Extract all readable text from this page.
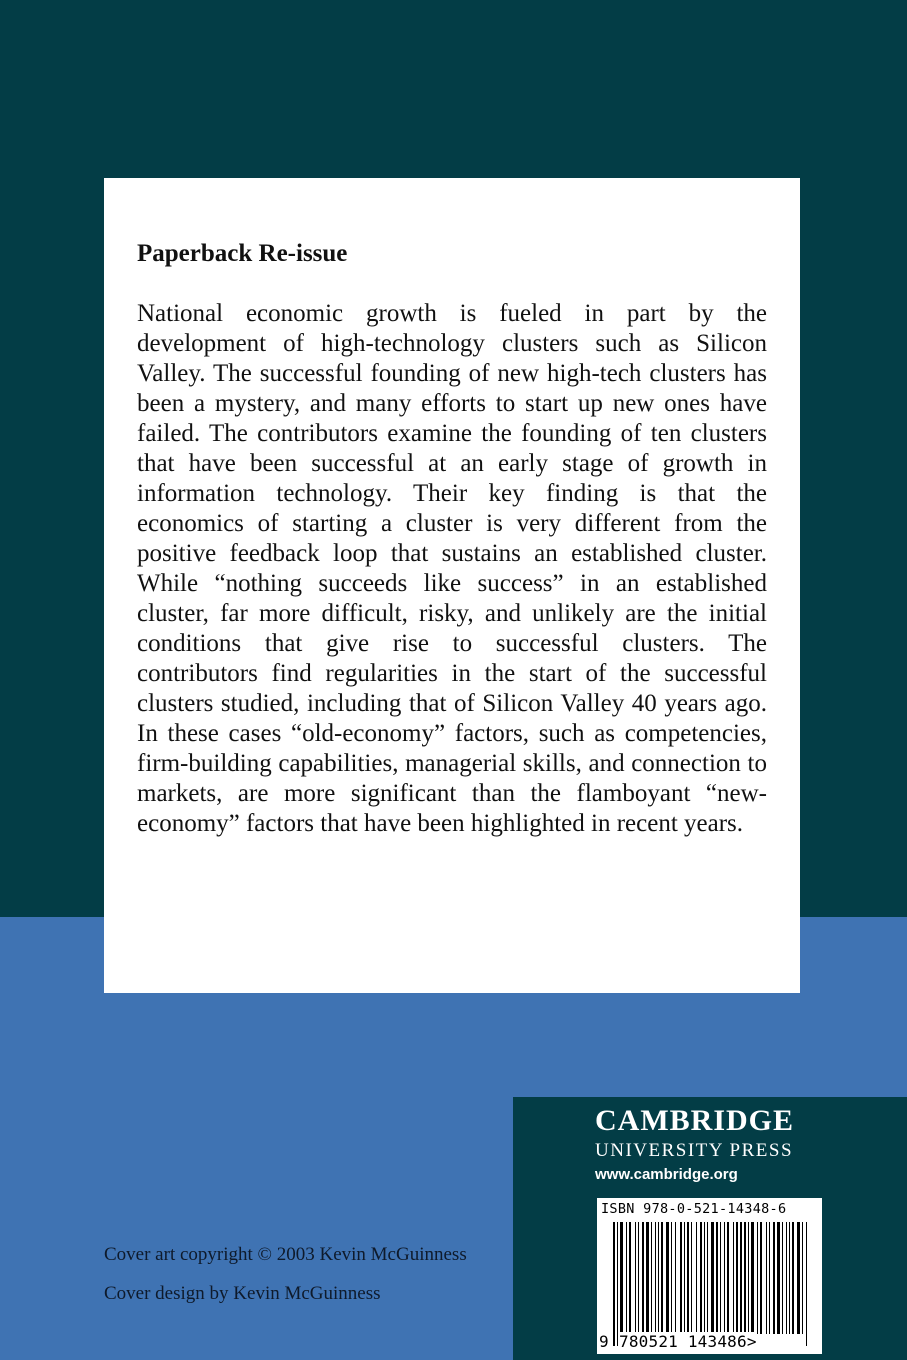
Paperback Re-issue

National economic growth is fueled in part by the development of high-technology clusters such as Silicon Valley. The successful founding of new high-tech clusters has been a mystery, and many efforts to start up new ones have failed. The contributors examine the founding of ten clusters that have been successful at an early stage of growth in information technology. Their key finding is that the economics of starting a cluster is very different from the positive feedback loop that sustains an established cluster. While “nothing succeeds like success” in an established cluster, far more difficult, risky, and unlikely are the initial conditions that give rise to successful clusters. The contributors find regularities in the start of the successful clusters studied, including that of Silicon Valley 40 years ago. In these cases “old-economy” factors, such as competencies, firm-building capabilities, managerial skills, and connection to markets, are more significant than the flamboyant “new-economy” factors that have been highlighted in recent years.

Cover art copyright © 2003 Kevin McGuinness
Cover design by Kevin McGuinness
CAMBRIDGE
UNIVERSITY PRESS
www.cambridge.org
ISBN 978-0-521-14348-6
9 780521 143486>
